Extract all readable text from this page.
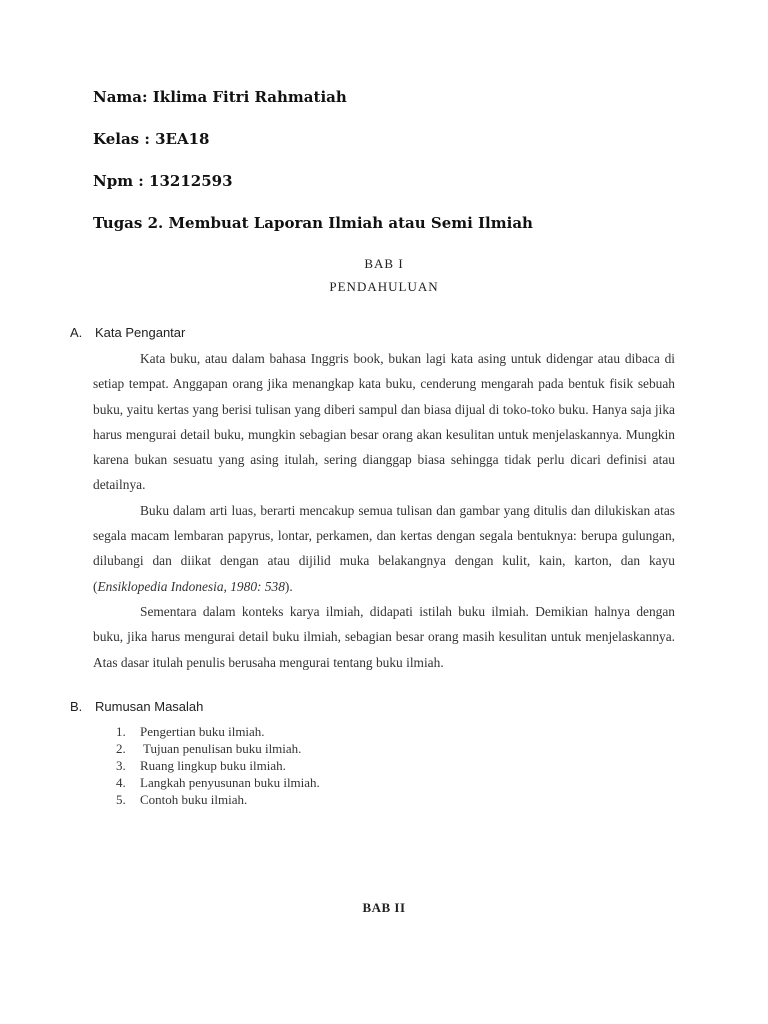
Nama: Iklima Fitri Rahmatiah

Kelas : 3EA18

Npm : 13212593

Tugas 2. Membuat Laporan Ilmiah atau Semi Ilmiah

BAB I
PENDAHULUAN
A. Kata Pengantar

Kata buku, atau dalam bahasa Inggris book, bukan lagi kata asing untuk didengar atau dibaca di setiap tempat. Anggapan orang jika menangkap kata buku, cenderung mengarah pada bentuk fisik sebuah buku, yaitu kertas yang berisi tulisan yang diberi sampul dan biasa dijual di toko-toko buku. Hanya saja jika harus mengurai detail buku, mungkin sebagian besar orang akan kesulitan untuk menjelaskannya. Mungkin karena bukan sesuatu yang asing itulah, sering dianggap biasa sehingga tidak perlu dicari definisi atau detailnya.

Buku dalam arti luas, berarti mencakup semua tulisan dan gambar yang ditulis dan dilukiskan atas segala macam lembaran papyrus, lontar, perkamen, dan kertas dengan segala bentuknya: berupa gulungan, dilubangi dan diikat dengan atau dijilid muka belakangnya dengan kulit, kain, karton, dan kayu (Ensiklopedia Indonesia, 1980: 538).

Sementara dalam konteks karya ilmiah, didapati istilah buku ilmiah. Demikian halnya dengan buku, jika harus mengurai detail buku ilmiah, sebagian besar orang masih kesulitan untuk menjelaskannya. Atas dasar itulah penulis berusaha mengurai tentang buku ilmiah.

B. Rumusan Masalah
1. Pengertian buku ilmiah.
2. Tujuan penulisan buku ilmiah.
3. Ruang lingkup buku ilmiah.
4. Langkah penyusunan buku ilmiah.
5. Contoh buku ilmiah.
BAB II
